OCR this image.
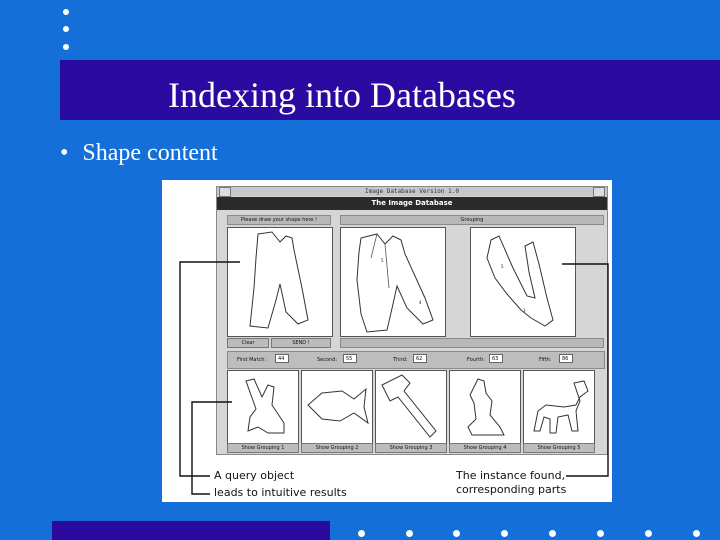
Indexing into Databases
• Shape content
Image Database Version 1.0
The Image Database
Please draw your shape here !	Grouping
5
4
5
3
Clear	SEND !
First Match:	44	Second:	55	Third:	62	Fourth:	63	Fifth:	86
Show Grouping 1	Show Grouping 2	Show Grouping 3	Show Grouping 4	Show Grouping 5
A query object
leads to intuitive results
The instance found,
corresponding parts
